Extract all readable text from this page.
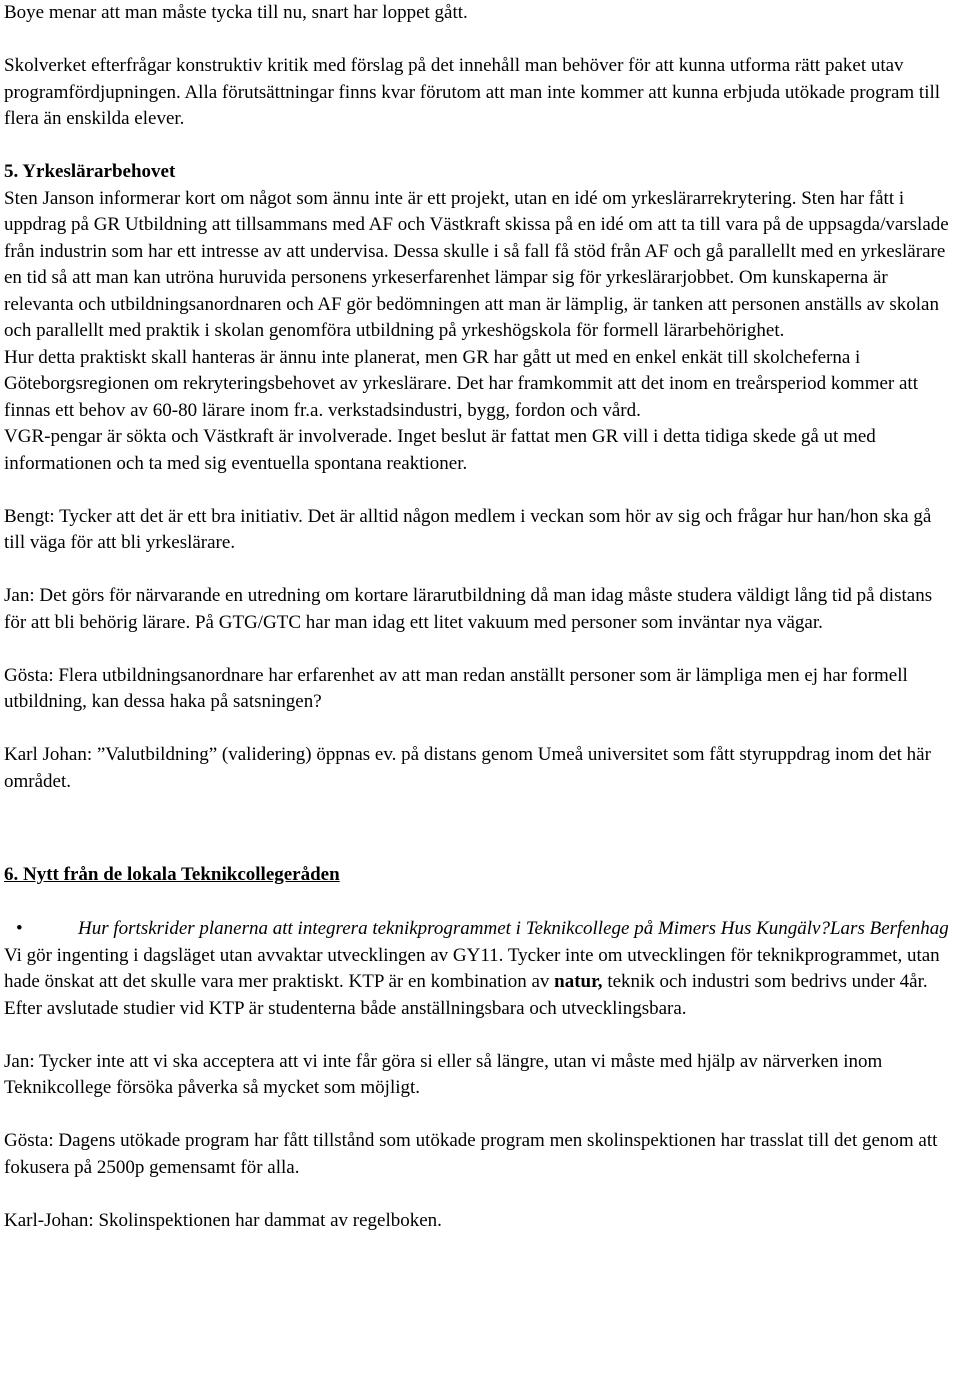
Boye menar att man måste tycka till nu, snart har loppet gått.

Skolverket efterfrågar konstruktiv kritik med förslag på det innehåll man behöver för att kunna utforma rätt paket utav programfördjupningen. Alla förutsättningar finns kvar förutom att man inte kommer att kunna erbjuda utökade program till flera än enskilda elever.

5. Yrkeslärarbehovet

Sten Janson informerar kort om något som ännu inte är ett projekt, utan en idé om yrkeslärarrekrytering. Sten har fått i uppdrag på GR Utbildning att tillsammans med AF och Västkraft skissa på en idé om att ta till vara på de uppsagda/varslade från industrin som har ett intresse av att undervisa. Dessa skulle i så fall få stöd från AF och gå parallellt med en yrkeslärare en tid så att man kan utröna huruvida personens yrkeserfarenhet lämpar sig för yrkeslärarjobbet. Om kunskaperna är relevanta och utbildningsanordnaren och AF gör bedömningen att man är lämplig, är tanken att personen anställs av skolan och parallellt med praktik i skolan genomföra utbildning på yrkeshögskola för formell lärarbehörighet.

Hur detta praktiskt skall hanteras är ännu inte planerat, men GR har gått ut med en enkel enkät till skolcheferna i Göteborgsregionen om rekryteringsbehovet av yrkeslärare. Det har framkommit att det inom en treårsperiod kommer att finnas ett behov av 60-80 lärare inom fr.a. verkstadsindustri, bygg, fordon och vård.

VGR-pengar är sökta och Västkraft är involverade. Inget beslut är fattat men GR vill i detta tidiga skede gå ut med informationen och ta med sig eventuella spontana reaktioner.

Bengt: Tycker att det är ett bra initiativ. Det är alltid någon medlem i veckan som hör av sig och frågar hur han/hon ska gå till väga för att bli yrkeslärare.

Jan: Det görs för närvarande en utredning om kortare lärarutbildning då man idag måste studera väldigt lång tid på distans för att bli behörig lärare. På GTG/GTC har man idag ett litet vakuum med personer som inväntar nya vägar.

Gösta: Flera utbildningsanordnare har erfarenhet av att man redan anställt personer som är lämpliga men ej har formell utbildning, kan dessa haka på satsningen?

Karl Johan: ”Valutbildning” (validering) öppnas ev. på distans genom Umeå universitet som fått styruppdrag inom det här området.

6. Nytt från de lokala Teknikcollegeråden

• Hur fortskrider planerna att integrera teknikprogrammet i Teknikcollege på Mimers Hus Kungälv?Lars Berfenhag

Vi gör ingenting i dagsläget utan avvaktar utvecklingen av GY11. Tycker inte om utvecklingen för teknikprogrammet, utan hade önskat att det skulle vara mer praktiskt. KTP är en kombination av natur, teknik och industri som bedrivs under 4år. Efter avslutade studier vid KTP är studenterna både anställningsbara och utvecklingsbara.

Jan: Tycker inte att vi ska acceptera att vi inte får göra si eller så längre, utan vi måste med hjälp av närverken inom Teknikcollege försöka påverka så mycket som möjligt.

Gösta: Dagens utökade program har fått tillstånd som utökade program men skolinspektionen har trasslat till det genom att fokusera på 2500p gemensamt för alla.

Karl-Johan: Skolinspektionen har dammat av regelboken.
